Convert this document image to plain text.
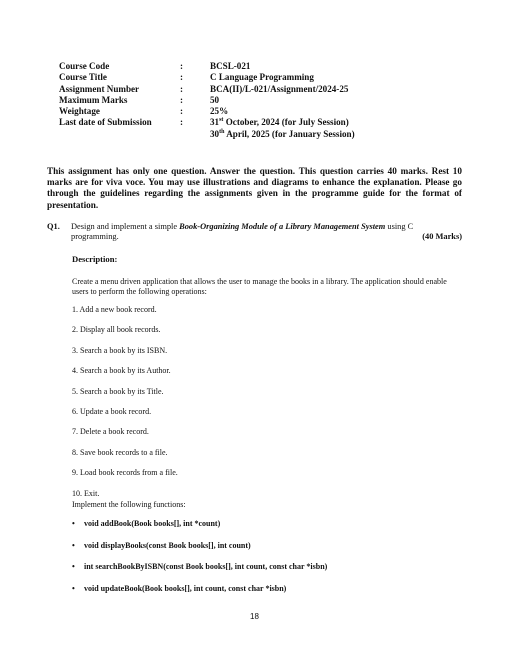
Course Code	:	BCSL-021
Course Title	:	C Language Programming
Assignment Number	:	BCA(II)/L-021/Assignment/2024-25
Maximum Marks	:	50
Weightage	:	25%
Last date of Submission	:	31st October, 2024 (for July Session)
30th April, 2025 (for January Session)
This assignment has only one question. Answer the question. This question carries 40 marks. Rest 10 marks are for viva voce. You may use illustrations and diagrams to enhance the explanation. Please go through the guidelines regarding the assignments given in the programme guide for the format of presentation.
Q1. Design and implement a simple Book-Organizing Module of a Library Management System using C programming.	(40 Marks)
Description:
Create a menu driven application that allows the user to manage the books in a library. The application should enable users to perform the following operations:
1. Add a new book record.
2. Display all book records.
3. Search a book by its ISBN.
4. Search a book by its Author.
5. Search a book by its Title.
6. Update a book record.
7. Delete a book record.
8. Save book records to a file.
9. Load book records from a file.
10. Exit.
Implement the following functions:
•	void addBook(Book books[], int *count)
•	void displayBooks(const Book books[], int count)
•	int searchBookByISBN(const Book books[], int count, const char *isbn)
•	void updateBook(Book books[], int count, const char *isbn)
18
